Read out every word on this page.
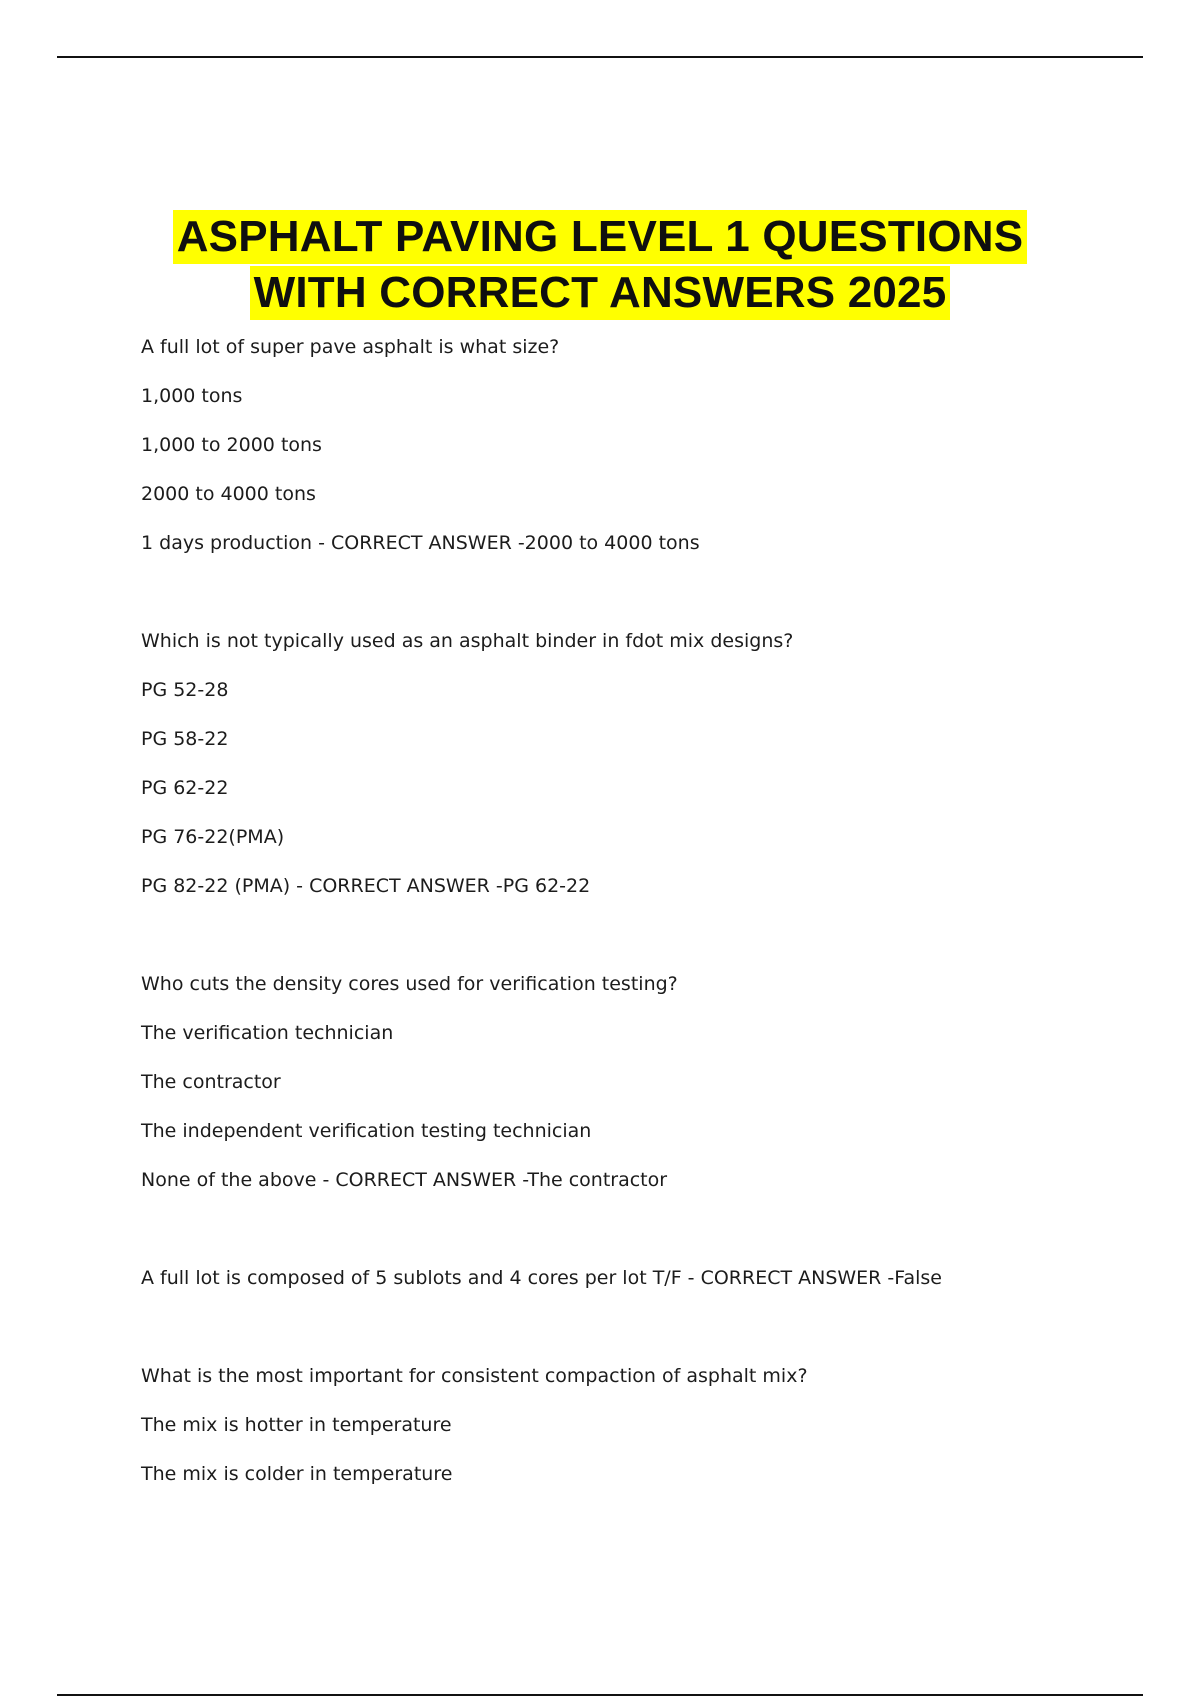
ASPHALT PAVING LEVEL 1 QUESTIONS
WITH CORRECT ANSWERS 2025
A full lot of super pave asphalt is what size?
1,000 tons
1,000 to 2000 tons
2000 to 4000 tons
1 days production - CORRECT ANSWER -2000 to 4000 tons
Which is not typically used as an asphalt binder in fdot mix designs?
PG 52-28
PG 58-22
PG 62-22
PG 76-22(PMA)
PG 82-22 (PMA) - CORRECT ANSWER -PG 62-22
Who cuts the density cores used for verification testing?
The verification technician
The contractor
The independent verification testing technician
None of the above - CORRECT ANSWER -The contractor
A full lot is composed of 5 sublots and 4 cores per lot T/F - CORRECT ANSWER -False
What is the most important for consistent compaction of asphalt mix?
The mix is hotter in temperature
The mix is colder in temperature
